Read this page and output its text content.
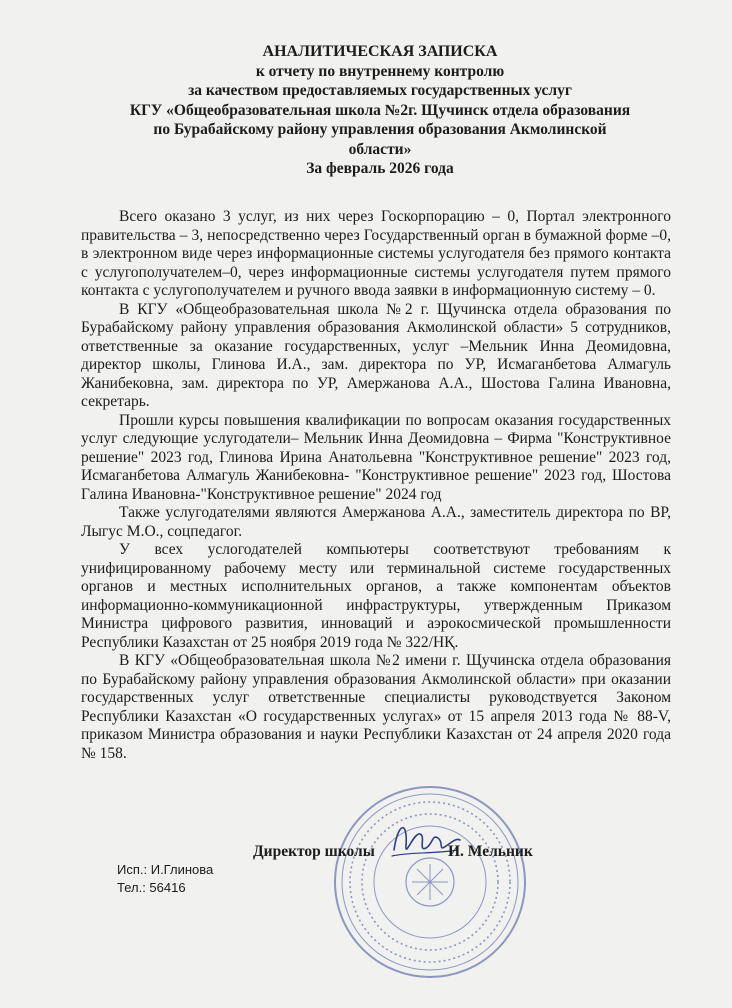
АНАЛИТИЧЕСКАЯ ЗАПИСКА
к отчету по внутреннему контролю
за качеством предоставляемых государственных услуг
КГУ «Общеобразовательная школа №2г. Щучинск отдела образования
по Бурабайскому району управления образования Акмолинской
области»
За февраль 2026 года

Всего оказано 3 услуг, из них через Госкорпорацию – 0, Портал электронного правительства – 3, непосредственно через Государственный орган в бумажной форме –0, в электронном виде через информационные системы услугодателя без прямого контакта с услугополучателем–0, через информационные системы услугодателя путем прямого контакта с услугополучателем и ручного ввода заявки в информационную систему – 0.

В КГУ «Общеобразовательная школа №2 г. Щучинска отдела образования по Бурабайскому району управления образования Акмолинской области» 5 сотрудников, ответственные за оказание государственных, услуг –Мельник Инна Деомидовна, директор школы, Глинова И.А., зам. директора по УР, Исмаганбетова Алмагуль Жанибековна, зам. директора по УР, Амержанова А.А., Шостова Галина Ивановна, секретарь.

Прошли курсы повышения квалификации по вопросам оказания государственных услуг следующие услугодатели– Мельник Инна Деомидовна – Фирма "Конструктивное решение" 2023 год, Глинова Ирина Анатольевна "Конструктивное решение" 2023 год, Исмаганбетова Алмагуль Жанибековна- "Конструктивное решение" 2023 год, Шостова Галина Ивановна-"Конструктивное решение" 2024 год

Также услугодателями являются Амержанова А.А., заместитель директора по ВР, Лыгус М.О., соцпедагог.

У всех услогодателей компьютеры соответствуют требованиям к унифицированному рабочему месту или терминальной системе государственных органов и местных исполнительных органов, а также компонентам объектов информационно-коммуникационной инфраструктуры, утвержденным Приказом Министра цифрового развития, инноваций и аэрокосмической промышленности Республики Казахстан от 25 ноября 2019 года № 322/НҚ.

В КГУ «Общеобразовательная школа №2 имени г. Щучинска отдела образования по Бурабайскому району управления образования Акмолинской области» при оказании государственных услуг ответственные специалисты руководствуется Законом Республики Казахстан «О государственных услугах» от 15 апреля 2013 года № 88-V, приказом Министра образования и науки Республики Казахстан от 24 апреля 2020 года № 158.

Директор школы	И. Мельник
Исп.: И.Глинова
Тел.: 56416
